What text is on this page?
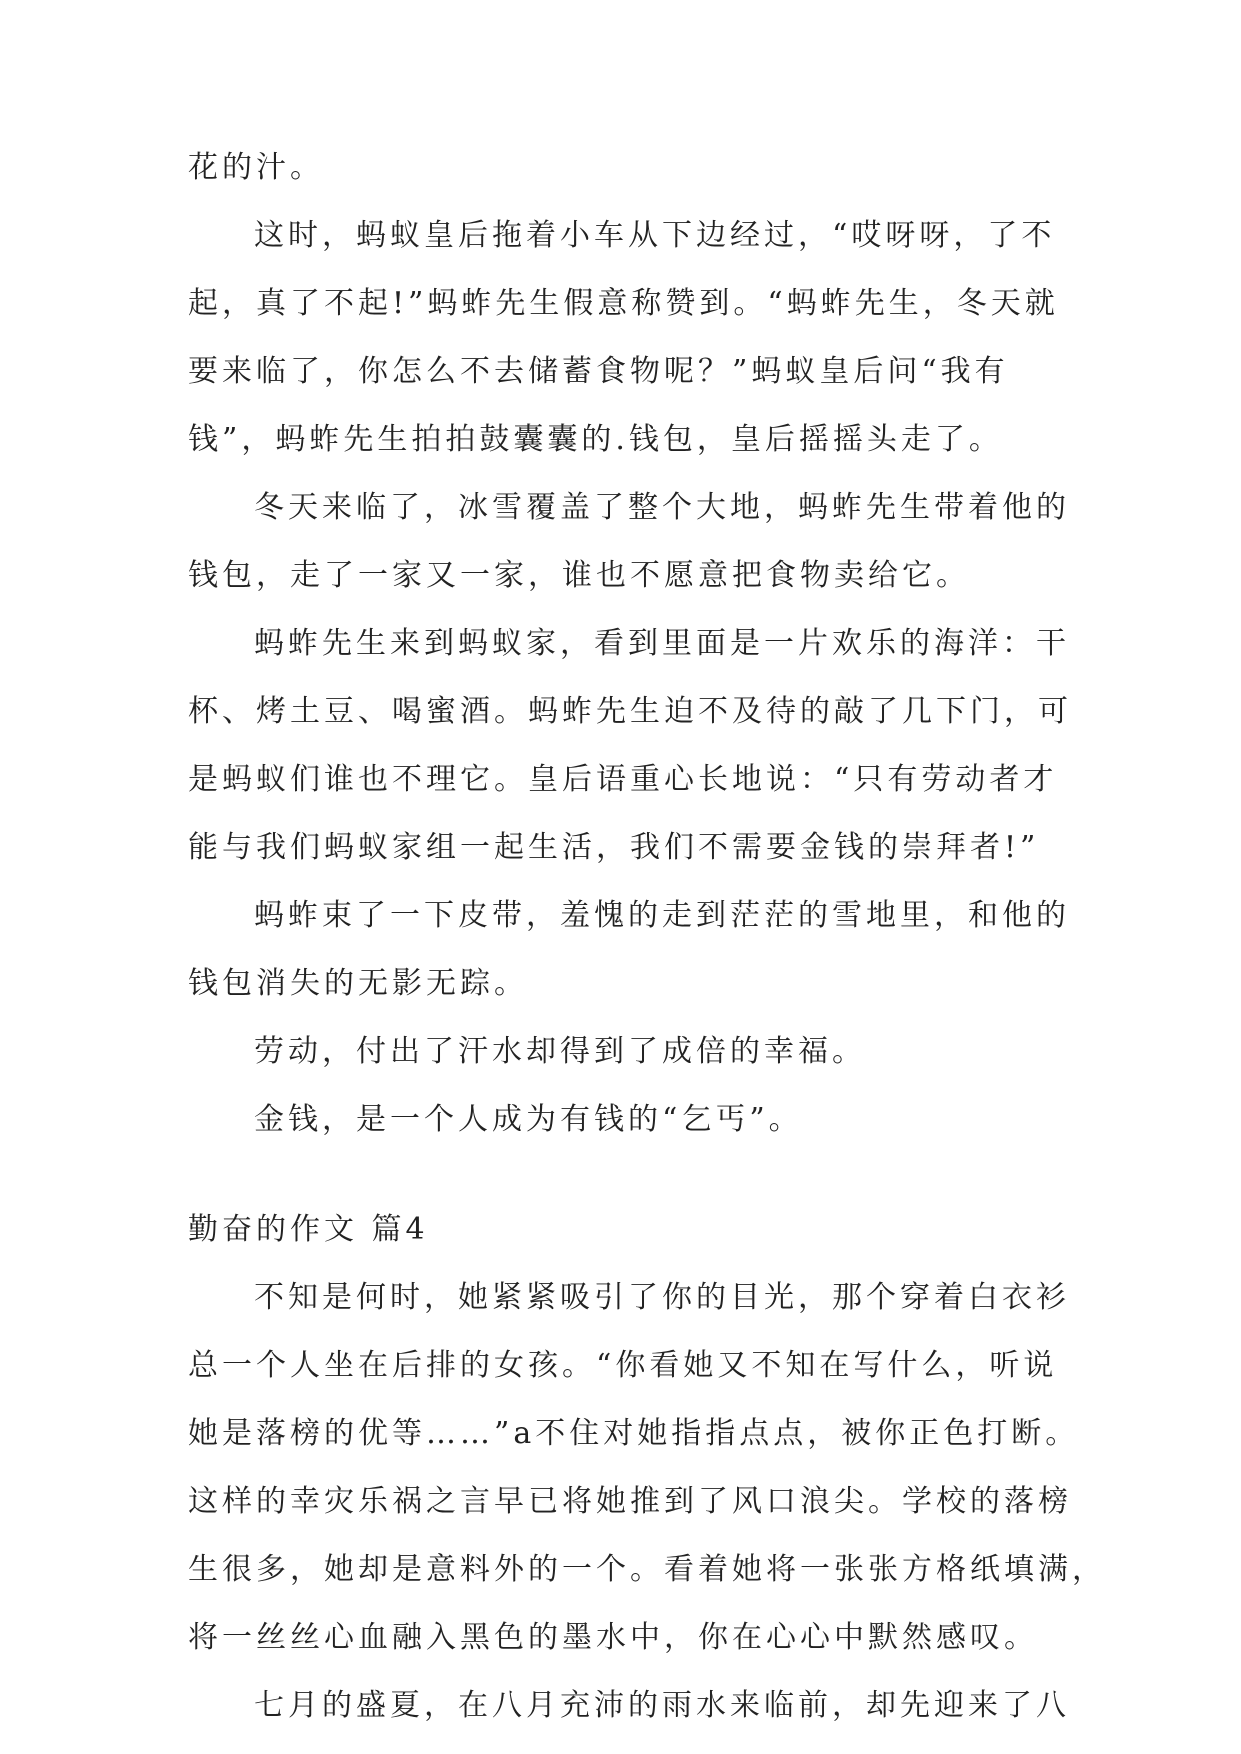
花的汁。
这时，蚂蚁皇后拖着小车从下边经过，“哎呀呀，了不
起，真了不起!”蚂蚱先生假意称赞到。“蚂蚱先生，冬天就
要来临了，你怎么不去储蓄食物呢？”蚂蚁皇后问“我有
钱”，蚂蚱先生拍拍鼓囊囊的.钱包，皇后摇摇头走了。
冬天来临了，冰雪覆盖了整个大地，蚂蚱先生带着他的
钱包，走了一家又一家，谁也不愿意把食物卖给它。
蚂蚱先生来到蚂蚁家，看到里面是一片欢乐的海洋：干
杯、烤土豆、喝蜜酒。蚂蚱先生迫不及待的敲了几下门，可
是蚂蚁们谁也不理它。皇后语重心长地说：“只有劳动者才
能与我们蚂蚁家组一起生活，我们不需要金钱的崇拜者!”
蚂蚱束了一下皮带，羞愧的走到茫茫的雪地里，和他的
钱包消失的无影无踪。
劳动，付出了汗水却得到了成倍的幸福。
金钱，是一个人成为有钱的“乞丐”。
勤奋的作文 篇4
不知是何时，她紧紧吸引了你的目光，那个穿着白衣衫
总一个人坐在后排的女孩。“你看她又不知在写什么，听说
她是落榜的优等……”a不住对她指指点点，被你正色打断。
这样的幸灾乐祸之言早已将她推到了风口浪尖。学校的落榜
生很多，她却是意料外的一个。看着她将一张张方格纸填满，
将一丝丝心血融入黑色的墨水中，你在心心中默然感叹。
七月的盛夏，在八月充沛的雨水来临前，却先迎来了八
